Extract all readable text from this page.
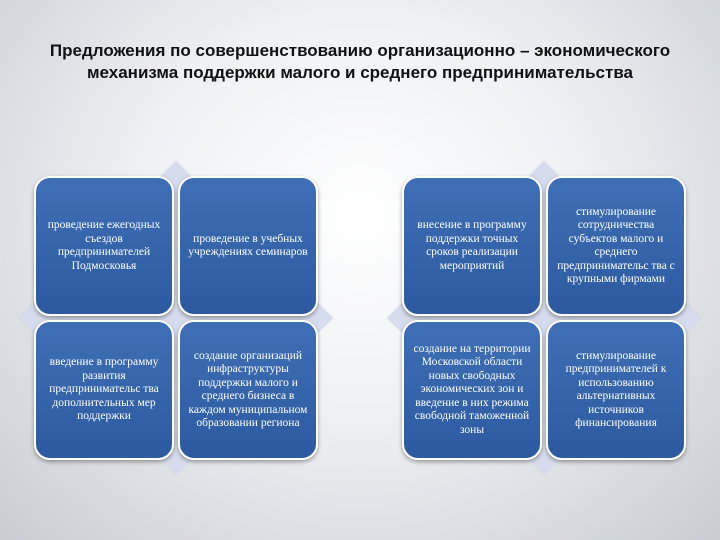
Предложения по совершенствованию организационно – экономического
механизма поддержки малого и среднего предпринимательства
проведение ежегодных съездов предпринимателей Подмосковья
проведение в учебных учреждениях семинаров
введение в программу развития предпринимательс тва дополнительных мер поддержки
создание организаций инфраструктуры поддержки малого и среднего бизнеса в каждом муниципальном образовании региона
внесение в программу поддержки точных сроков реализации мероприятий
стимулирование сотрудничества субъектов малого и среднего предпринимательс тва с крупными фирмами
создание на территории Московской области новых свободных экономических зон и введение в них режима свободной таможенной зоны
стимулирование предпринимателей к использованию альтернативных источников финансирования
